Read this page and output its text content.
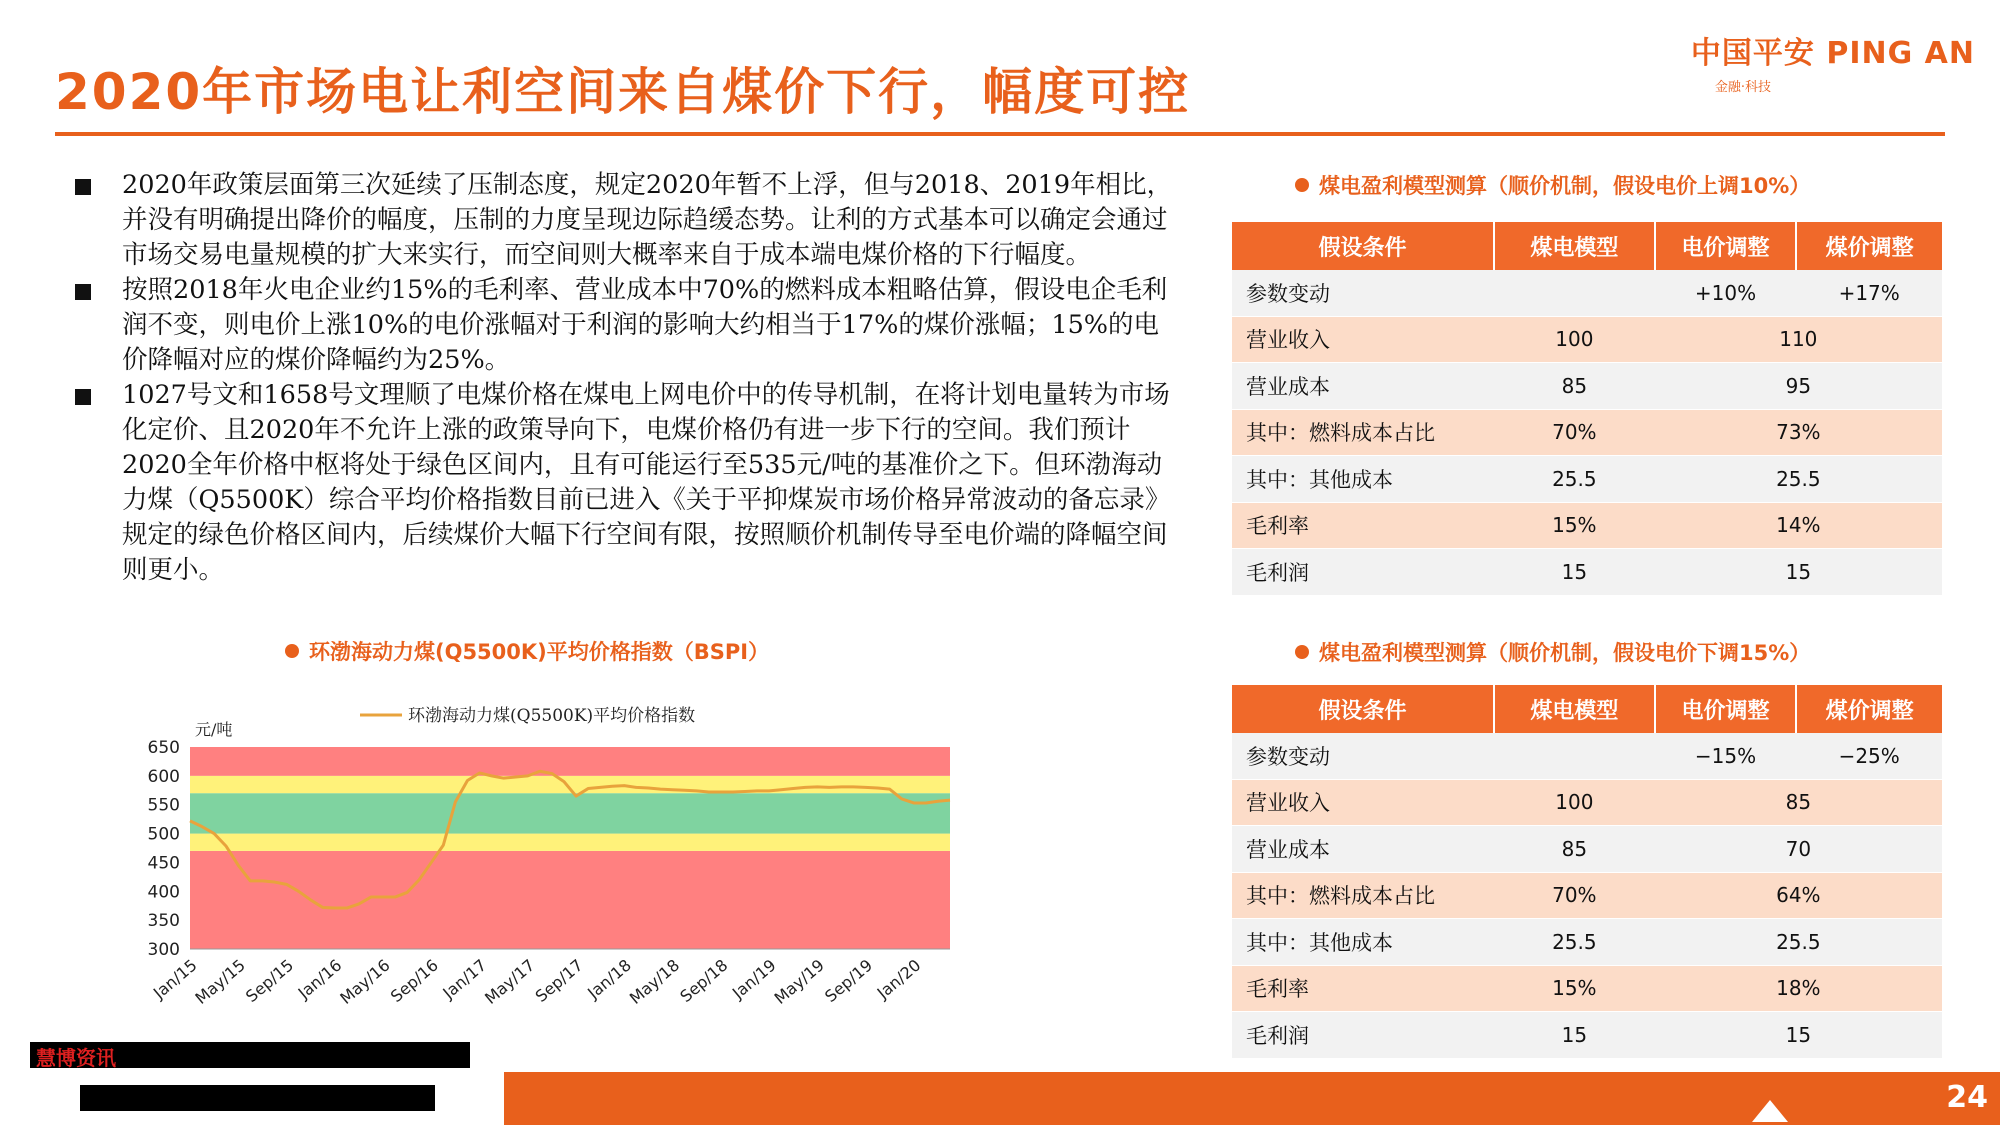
2020年市场电让利空间来自煤价下行，幅度可控
中国平安 PING AN
金融·科技
2020年政策层面第三次延续了压制态度，规定2020年暂不上浮，但与2018、2019年相比，并没有明确提出降价的幅度，压制的力度呈现边际趋缓态势。让利的方式基本可以确定会通过市场交易电量规模的扩大来实行，而空间则大概率来自于成本端电煤价格的下行幅度。
按照2018年火电企业约15%的毛利率、营业成本中70%的燃料成本粗略估算，假设电企毛利润不变，则电价上涨10%的电价涨幅对于利润的影响大约相当于17%的煤价涨幅；15%的电价降幅对应的煤价降幅约为25%。
1027号文和1658号文理顺了电煤价格在煤电上网电价中的传导机制，在将计划电量转为市场化定价、且2020年不允许上涨的政策导向下，电煤价格仍有进一步下行的空间。我们预计2020全年价格中枢将处于绿色区间内，且有可能运行至535元/吨的基准价之下。但环渤海动力煤（Q5500K）综合平均价格指数目前已进入《关于平抑煤炭市场价格异常波动的备忘录》规定的绿色价格区间内，后续煤价大幅下行空间有限，按照顺价机制传导至电价端的降幅空间则更小。
环渤海动力煤(Q5500K)平均价格指数（BSPI）
300
350
400
450
500
550
600
650
元/吨
Jan/15
May/15
Sep/15
Jan/16
May/16
Sep/16
Jan/17
May/17
Sep/17
Jan/18
May/18
Sep/18
Jan/19
May/19
Sep/19
Jan/20
环渤海动力煤(Q5500K)平均价格指数
煤电盈利模型测算（顺价机制，假设电价上调10%）
假设条件	煤电模型	电价调整	煤价调整
参数变动		+10%	+17%
营业收入	100	110	
营业成本	85	95	
其中：燃料成本占比	70%	73%	
其中：其他成本	25.5	25.5	
毛利率	15%	14%	
毛利润	15	15	
煤电盈利模型测算（顺价机制，假设电价下调15%）
假设条件	煤电模型	电价调整	煤价调整
参数变动		−15%	−25%
营业收入	100	85	
营业成本	85	70	
其中：燃料成本占比	70%	64%	
其中：其他成本	25.5	25.5	
毛利率	15%	18%	
毛利润	15	15	
慧博资讯
24
